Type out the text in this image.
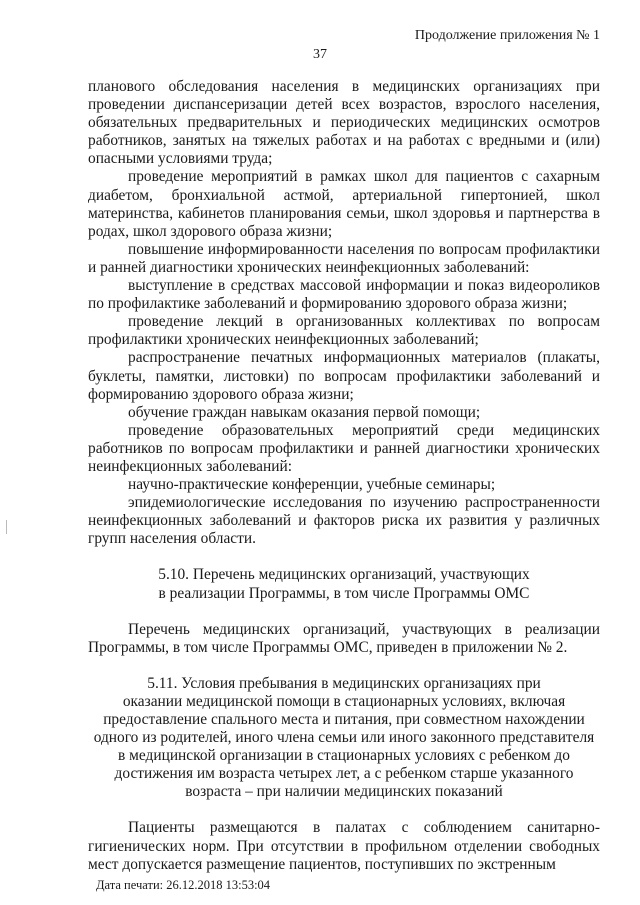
Продолжение приложения № 1
37

планового обследования населения в медицинских организациях при проведении диспансеризации детей всех возрастов, взрослого населения, обязательных предварительных и периодических медицинских осмотров работников, занятых на тяжелых работах и на работах с вредными и (или) опасными условиями труда;

проведение мероприятий в рамках школ для пациентов с сахарным диабетом, бронхиальной астмой, артериальной гипертонией, школ материнства, кабинетов планирования семьи, школ здоровья и партнерства в родах, школ здорового образа жизни;

повышение информированности населения по вопросам профилактики и ранней диагностики хронических неинфекционных заболеваний:

выступление в средствах массовой информации и показ видеороликов по профилактике заболеваний и формированию здорового образа жизни;

проведение лекций в организованных коллективах по вопросам профилактики хронических неинфекционных заболеваний;

распространение печатных информационных материалов (плакаты, буклеты, памятки, листовки) по вопросам профилактики заболеваний и формированию здорового образа жизни;

обучение граждан навыкам оказания первой помощи;

проведение образовательных мероприятий среди медицинских работников по вопросам профилактики и ранней диагностики хронических неинфекционных заболеваний:

научно-практические конференции, учебные семинары;

эпидемиологические исследования по изучению распространенности неинфекционных заболеваний и факторов риска их развития у различных групп населения области.

5.10. Перечень медицинских организаций, участвующих
в реализации Программы, в том числе Программы ОМС

Перечень медицинских организаций, участвующих в реализации Программы, в том числе Программы ОМС, приведен в приложении № 2.

5.11. Условия пребывания в медицинских организациях при
оказании медицинской помощи в стационарных условиях, включая
предоставление спального места и питания, при совместном нахождении
одного из родителей, иного члена семьи или иного законного представителя
в медицинской организации в стационарных условиях с ребенком до
достижения им возраста четырех лет, а с ребенком старше указанного
возраста – при наличии медицинских показаний

Пациенты размещаются в палатах с соблюдением санитарно-гигиенических норм. При отсутствии в профильном отделении свободных мест допускается размещение пациентов, поступивших по экстренным

Дата печати: 26.12.2018 13:53:04
